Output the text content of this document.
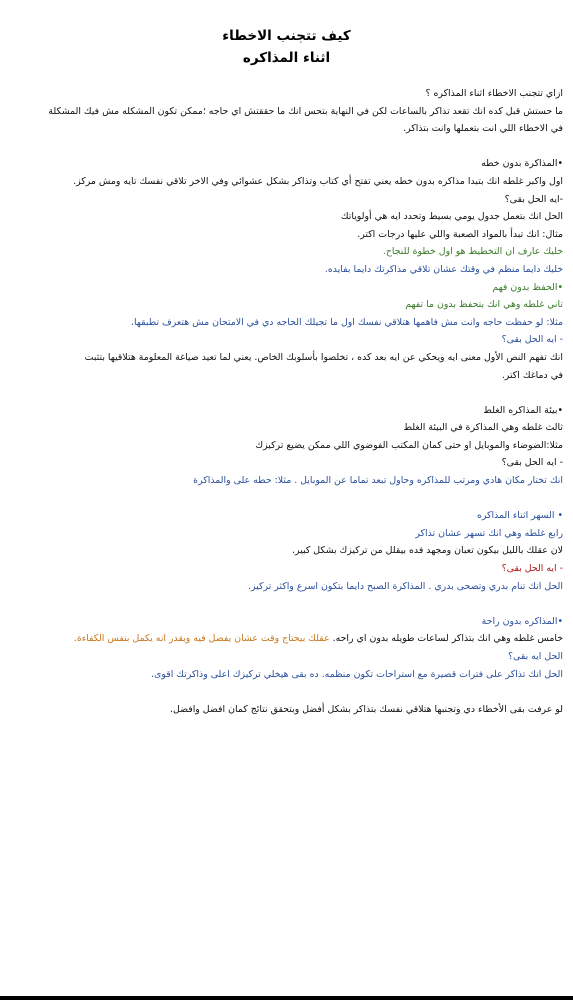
كيف تتجنب الاخطاء

اثناء المذاكره

ازاي تتجنب الاخطاء اثناء المذاكره ؟

ما حستش قبل كده انك تقعد تذاكر بالساعات لكن في النهاية بتحس انك ما حققتش اي حاجه ؛ممكن تكون المشكله مش فيك المشكلة

في الاخطاء اللي انت بتعملها وانت بتذاكر.

•المذاكرة بدون خطه

اول واكبر غلطه انك بتبدا مذاكره بدون خطه يعني تفتح أي كتاب وتذاكر بشكل عشوائي وفي الاخر تلاقي نفسك تايه ومش مركز.

-ايه الحل بقى؟

الحل انك بتعمل جدول يومي بسيط وتحدد ايه هي أولوياتك

مثال: انك تبدأ بالمواد الصعبة واللي عليها درجات اكتر.

خليك عارف ان التخطيط هو اول خطوة للنجاح.

خليك دايما منظم في وقتك عشان تلاقي مذاكرتك دايما بفايده.

•الحفظ بدون فهم

تاني غلطه وهي انك بتحفظ بدون ما تفهم

مثلا: لو حفظت حاجه وانت مش فاهمها هتلاقي نفسك اول ما تجيلك الحاجه دي في الامتحان مش هتعرف تطبقها.

- ايه الحل بقى؟

انك تفهم النص الأول معنى ايه ويحكي عن ايه بعد كده ، تخلصوا بأسلوبك الخاص. يعني لما تعيد صياغة المعلومة هتلاقيها بتثبت

في دماغك اكتر.

•بيئة المذاكره الغلط

ثالث غلطه وهي المذاكرة في البيئة الغلط

مثلا:الضوضاء والموبايل او حتى كمان المكتب الفوضوي اللي ممكن يضيع تركيزك

- ايه الحل بقى؟

انك تختار مكان هادي ومرتب للمذاكره وحاول تبعد تماما عن الموبايل . مثلا: حطه على والمذاكرة

• السهر اثناء المذاكره

رابع غلطه وهي انك تسهر عشان تذاكر

لان عقلك بالليل بيكون تعبان ومجهد فده بيقلل من تركيزك بشكل كبير.

- ايه الحل بقى؟

الحل انك تنام بدري وتصحى بدري . المذاكرة الصبح دايما بتكون اسرع واكثر تركيز.

•المذاكره بدون راحة

خامس غلطه وهي انك بتذاكر لساعات طويله بدون اي راحه. عقلك بيحتاج وقت عشان يفصل فيه ويقدر انه يكمل بنفس الكفاءة.

الحل ايه بقى؟

الحل انك تذاكر على فترات قصيرة مع استراحات تكون منظمه. ده بقى هيخلي تركيزك اعلى وذاكرتك اقوى.

لو عرفت بقى الأخطاء دي وتجنبها هتلاقي نفسك بتذاكر بشكل أفضل وبتحقق نتائج كمان افضل وافضل.
